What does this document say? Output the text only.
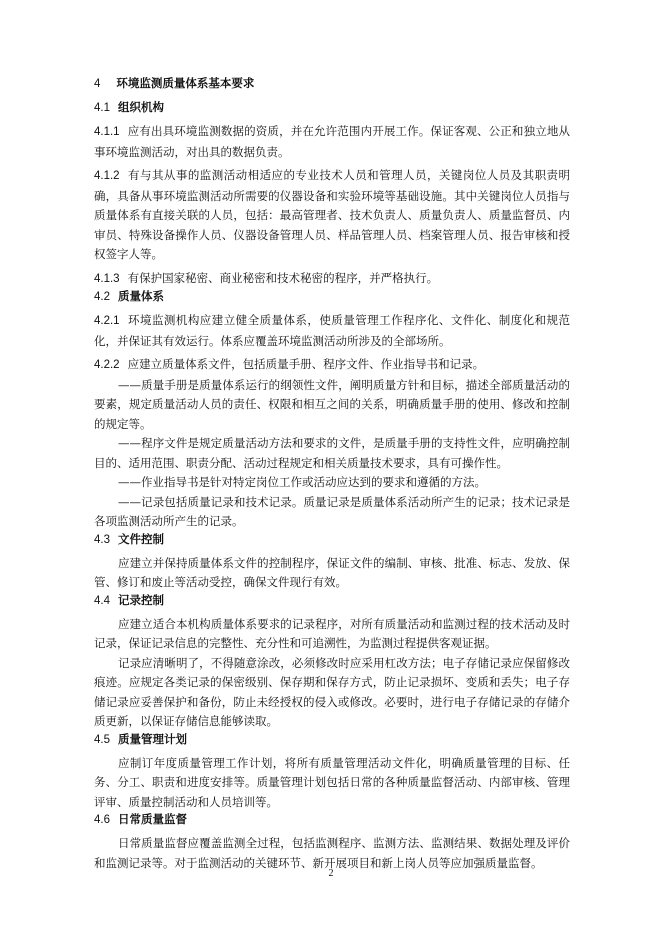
4 环境监测质量体系基本要求
4.1 组织机构

4.1.1 应有出具环境监测数据的资质，并在允许范围内开展工作。保证客观、公正和独立地从事环境监测活动，对出具的数据负责。

4.1.2 有与其从事的监测活动相适应的专业技术人员和管理人员，关键岗位人员及其职责明确，具备从事环境监测活动所需要的仪器设备和实验环境等基础设施。其中关键岗位人员指与质量体系有直接关联的人员，包括：最高管理者、技术负责人、质量负责人、质量监督员、内审员、特殊设备操作人员、仪器设备管理人员、样品管理人员、档案管理人员、报告审核和授权签字人等。

4.1.3 有保护国家秘密、商业秘密和技术秘密的程序，并严格执行。

4.2 质量体系

4.2.1 环境监测机构应建立健全质量体系，使质量管理工作程序化、文件化、制度化和规范化，并保证其有效运行。体系应覆盖环境监测活动所涉及的全部场所。

4.2.2 应建立质量体系文件，包括质量手册、程序文件、作业指导书和记录。

——质量手册是质量体系运行的纲领性文件，阐明质量方针和目标，描述全部质量活动的要素，规定质量活动人员的责任、权限和相互之间的关系，明确质量手册的使用、修改和控制的规定等。

——程序文件是规定质量活动方法和要求的文件，是质量手册的支持性文件，应明确控制目的、适用范围、职责分配、活动过程规定和相关质量技术要求，具有可操作性。

——作业指导书是针对特定岗位工作或活动应达到的要求和遵循的方法。

——记录包括质量记录和技术记录。质量记录是质量体系活动所产生的记录；技术记录是各项监测活动所产生的记录。

4.3 文件控制

应建立并保持质量体系文件的控制程序，保证文件的编制、审核、批准、标志、发放、保管、修订和废止等活动受控，确保文件现行有效。

4.4 记录控制

应建立适合本机构质量体系要求的记录程序，对所有质量活动和监测过程的技术活动及时记录，保证记录信息的完整性、充分性和可追溯性，为监测过程提供客观证据。

记录应清晰明了，不得随意涂改，必须修改时应采用杠改方法；电子存储记录应保留修改痕迹。应规定各类记录的保密级别、保存期和保存方式，防止记录损坏、变质和丢失；电子存储记录应妥善保护和备份，防止未经授权的侵入或修改。必要时，进行电子存储记录的存储介质更新，以保证存储信息能够读取。

4.5 质量管理计划

应制订年度质量管理工作计划，将所有质量管理活动文件化，明确质量管理的目标、任务、分工、职责和进度安排等。质量管理计划包括日常的各种质量监督活动、内部审核、管理评审、质量控制活动和人员培训等。

4.6 日常质量监督

日常质量监督应覆盖监测全过程，包括监测程序、监测方法、监测结果、数据处理及评价和监测记录等。对于监测活动的关键环节、新开展项目和新上岗人员等应加强质量监督。

2
